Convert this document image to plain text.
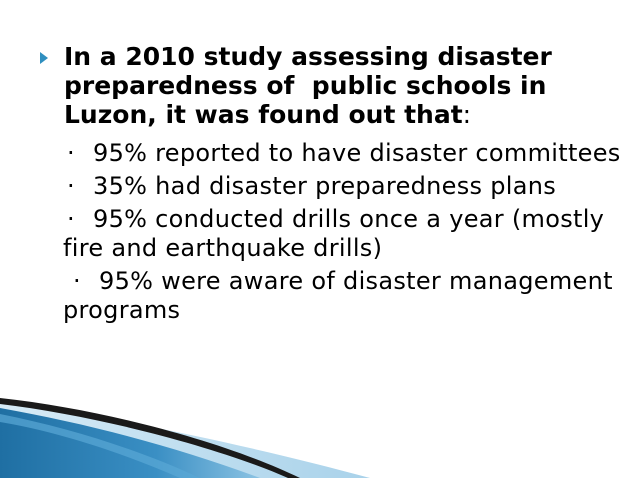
In a 2010 study assessing disaster preparedness of  public schools in Luzon, it was found out that:
· 95% reported to have disaster committees
· 35% had disaster preparedness plans
· 95% conducted drills once a year (mostly fire and earthquake drills)
· 95% were aware of disaster management programs
